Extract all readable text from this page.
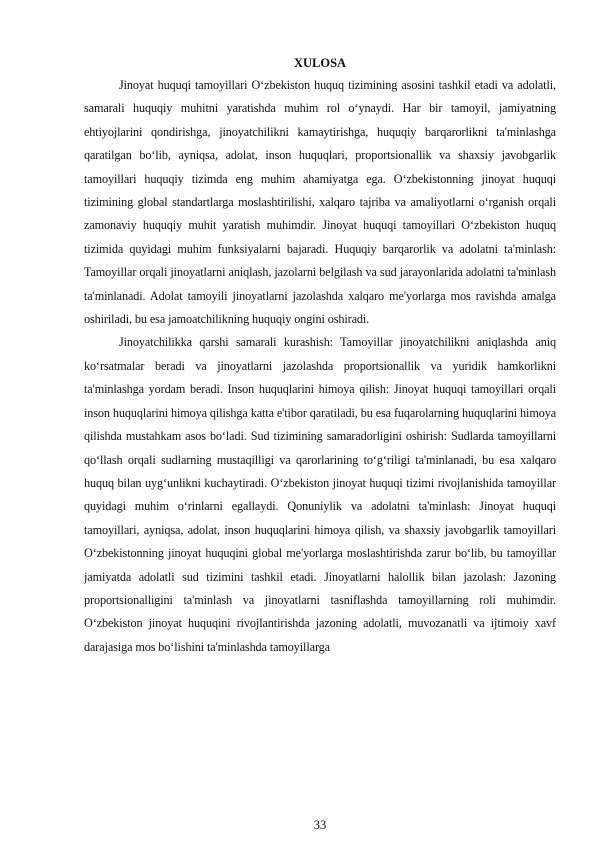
XULOSA

Jinoyat huquqi tamoyillari O‘zbekiston huquq tizimining asosini tashkil etadi va adolatli, samarali huquqiy muhitni yaratishda muhim rol o‘ynaydi. Har bir tamoyil, jamiyatning ehtiyojlarini qondirishga, jinoyatchilikni kamaytirishga, huquqiy barqarorlikni ta'minlashga qaratilgan bo‘lib, ayniqsa, adolat, inson huquqlari, proportsionallik va shaxsiy javobgarlik tamoyillari huquqiy tizimda eng muhim ahamiyatga ega. O‘zbekistonning jinoyat huquqi tizimining global standartlarga moslashtirilishi, xalqaro tajriba va amaliyotlarni o‘rganish orqali zamonaviy huquqiy muhit yaratish muhimdir. Jinoyat huquqi tamoyillari O‘zbekiston huquq tizimida quyidagi muhim funksiyalarni bajaradi. Huquqiy barqarorlik va adolatni ta'minlash: Tamoyillar orqali jinoyatlarni aniqlash, jazolarni belgilash va sud jarayonlarida adolatni ta'minlash ta'minlanadi. Adolat tamoyili jinoyatlarni jazolashda xalqaro me'yorlarga mos ravishda amalga oshiriladi, bu esa jamoatchilikning huquqiy ongini oshiradi.

Jinoyatchilikka qarshi samarali kurashish: Tamoyillar jinoyatchilikni aniqlashda aniq ko‘rsatmalar beradi va jinoyatlarni jazolashda proportsionallik va yuridik hamkorlikni ta'minlashga yordam beradi. Inson huquqlarini himoya qilish: Jinoyat huquqi tamoyillari orqali inson huquqlarini himoya qilishga katta e'tibor qaratiladi, bu esa fuqarolarning huquqlarini himoya qilishda mustahkam asos bo‘ladi. Sud tizimining samaradorligini oshirish: Sudlarda tamoyillarni qo‘llash orqali sudlarning mustaqilligi va qarorlarining to‘g‘riligi ta'minlanadi, bu esa xalqaro huquq bilan uyg‘unlikni kuchaytiradi. O‘zbekiston jinoyat huquqi tizimi rivojlanishida tamoyillar quyidagi muhim o‘rinlarni egallaydi. Qonuniylik va adolatni ta'minlash: Jinoyat huquqi tamoyillari, ayniqsa, adolat, inson huquqlarini himoya qilish, va shaxsiy javobgarlik tamoyillari O‘zbekistonning jinoyat huquqini global me'yorlarga moslashtirishda zarur bo‘lib, bu tamoyillar jamiyatda adolatli sud tizimini tashkil etadi. Jinoyatlarni halollik bilan jazolash: Jazoning proportsionalligini ta'minlash va jinoyatlarni tasniflashda tamoyillarning roli muhimdir. O‘zbekiston jinoyat huquqini rivojlantirishda jazoning adolatli, muvozanatli va ijtimoiy xavf darajasiga mos bo‘lishini ta'minlashda tamoyillarga

33
